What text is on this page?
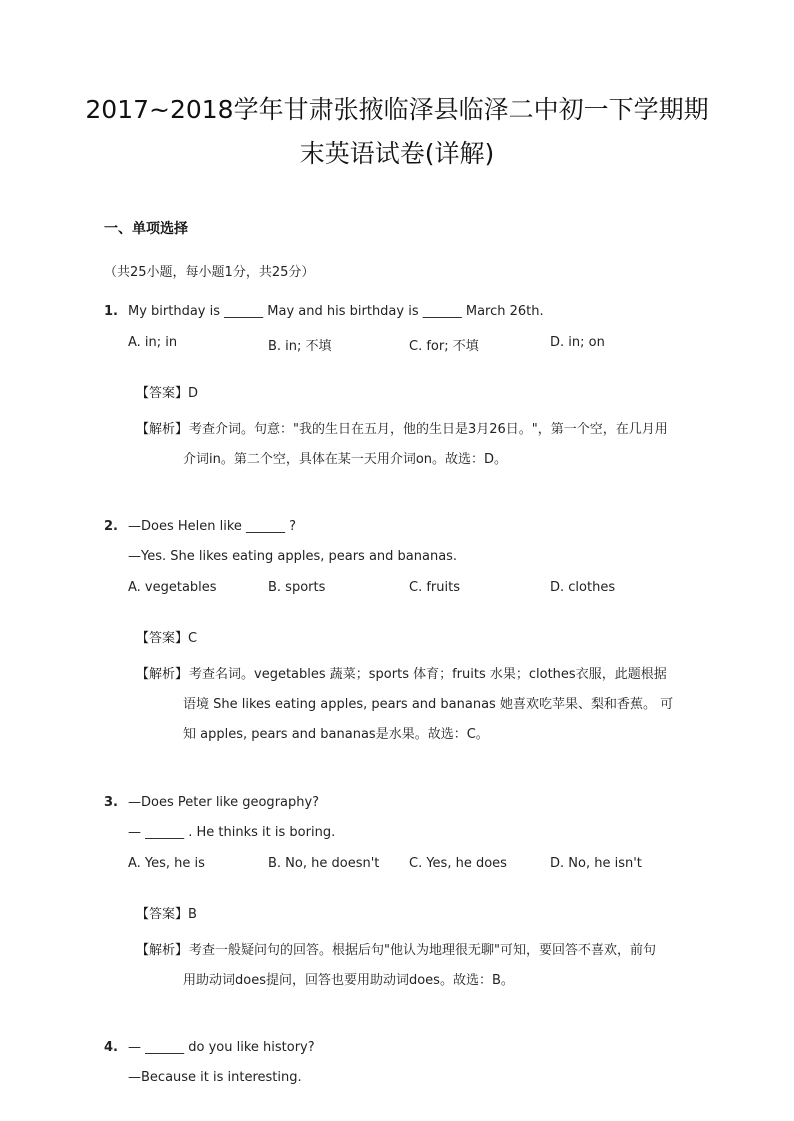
2017~2018学年甘肃张掖临泽县临泽二中初一下学期期
末英语试卷(详解)
一、单项选择
（共25小题，每小题1分，共25分）
1. My birthday is ______ May and his birthday is ______ March 26th.
A. in; in	B. in; 不填	C. for; 不填	D. in; on
【答案】D
【解析】 考查介词。句意："我的生日在五月，他的生日是3月26日。"，第一个空，在几月用
介词in。第二个空，具体在某一天用介词on。故选：D。
2. —Does Helen like ______ ?
—Yes. She likes eating apples, pears and bananas.
A. vegetables	B. sports	C. fruits	D. clothes
【答案】C
【解析】 考查名词。vegetables 蔬菜；sports 体育；fruits 水果；clothes衣服，此题根据
语境 She likes eating apples, pears and bananas 她喜欢吃苹果、梨和香蕉。 可
知 apples, pears and bananas是水果。故选：C。
3. —Does Peter like geography?
— ______ . He thinks it is boring.
A. Yes, he is	B. No, he doesn't C. Yes, he does	D. No, he isn't
【答案】B
【解析】 考查一般疑问句的回答。根据后句"他认为地理很无聊"可知，要回答不喜欢，前句
用助动词does提问，回答也要用助动词does。故选：B。
4. — ______ do you like history?
—Because it is interesting.
